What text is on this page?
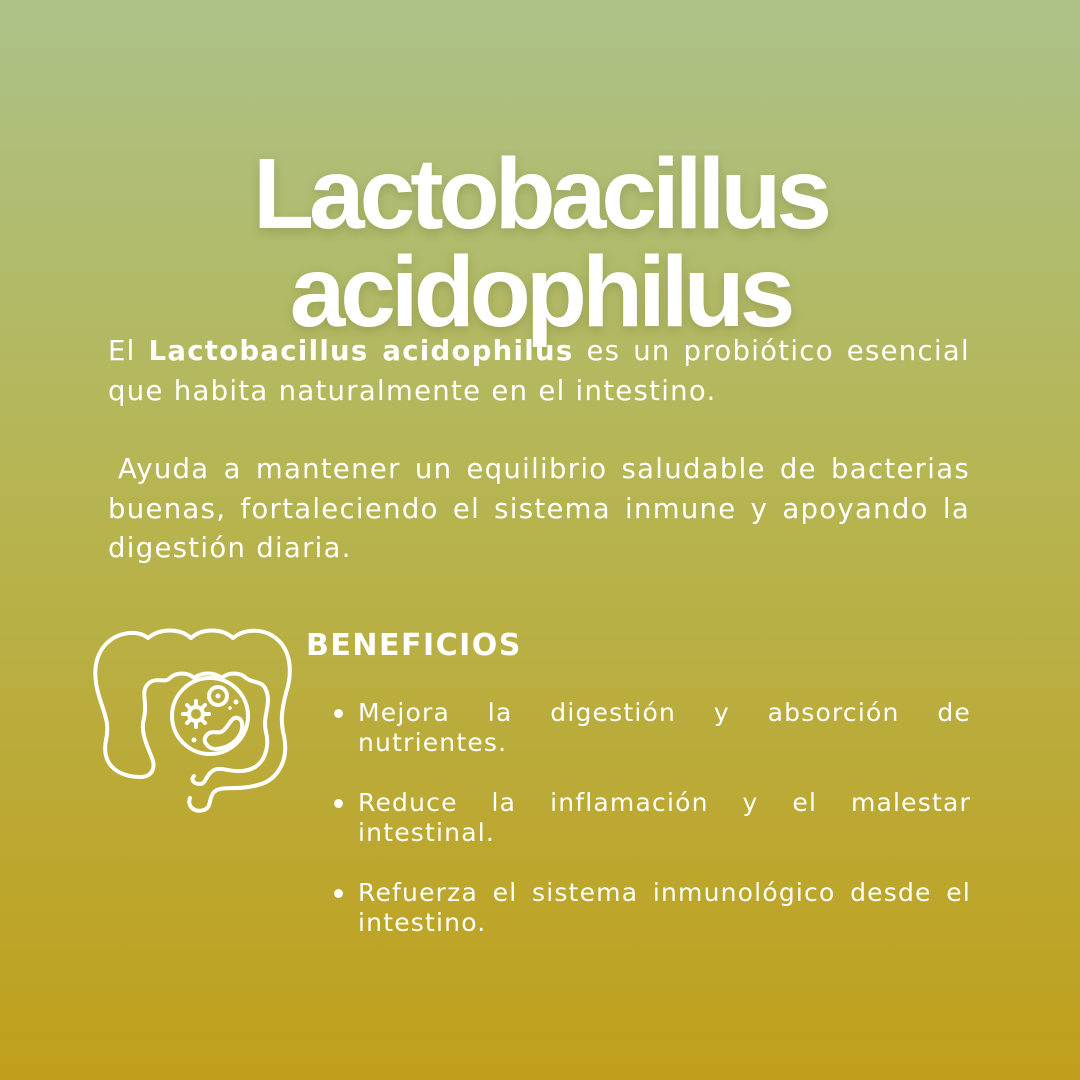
Lactobacillus
acidophilus

El Lactobacillus acidophilus es un probiótico esencial que habita naturalmente en el intestino.

Ayuda a mantener un equilibrio saludable de bacterias buenas, fortaleciendo el sistema inmune y apoyando la digestión diaria.

BENEFICIOS
Mejora la digestión y absorción de nutrientes.
Reduce la inflamación y el malestar intestinal.
Refuerza el sistema inmunológico desde el intestino.
